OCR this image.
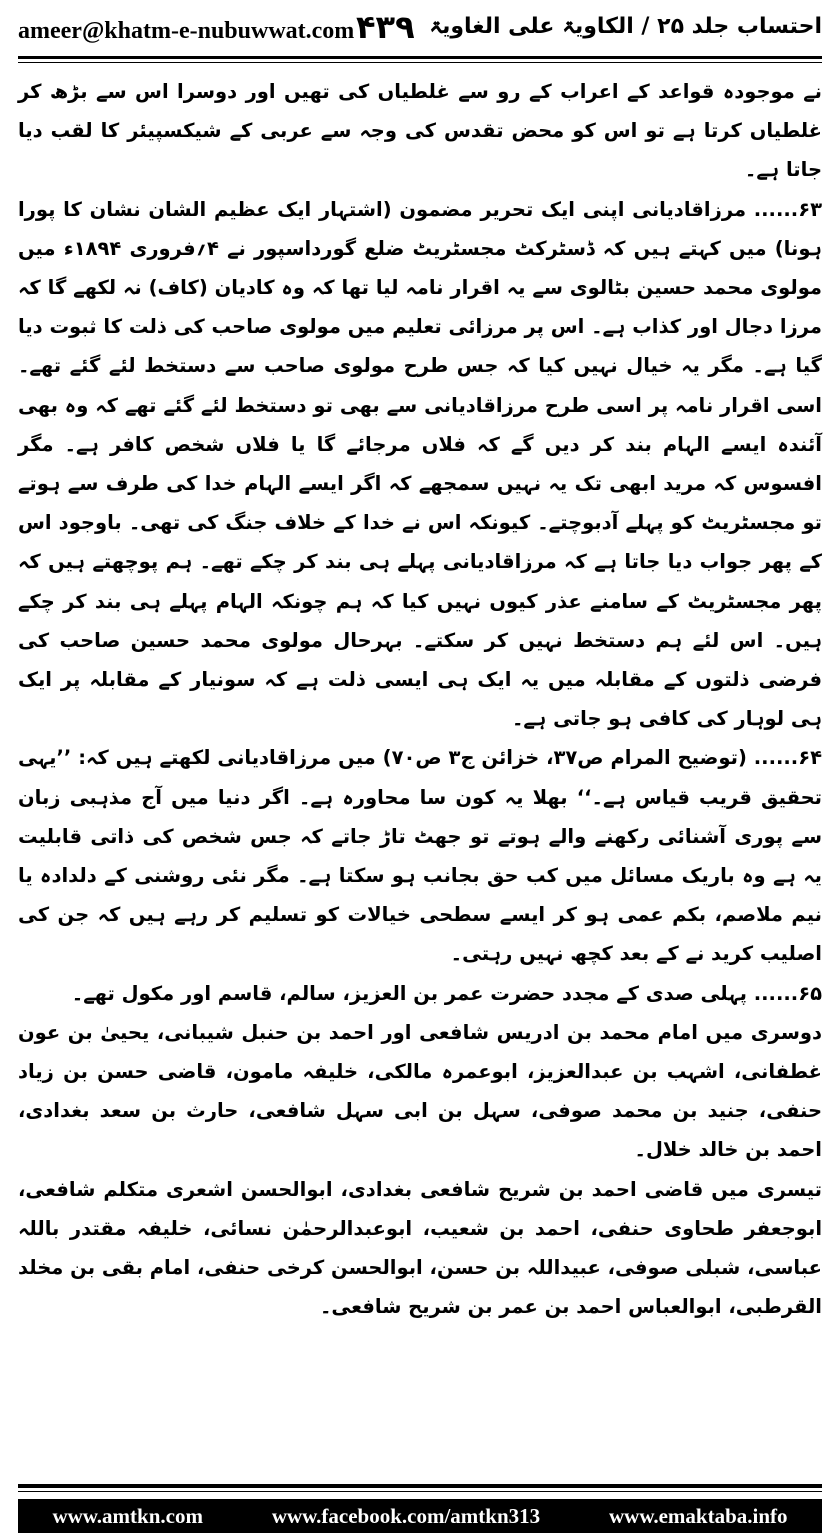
ameer@khatm-e-nubuwwat.com ۴۳۹ احتساب جلد ۲۵ / الکاویۃ علی الغاویۃ

نے موجودہ قواعد کے اعراب کے رو سے غلطیاں کی تھیں اور دوسرا اس سے بڑھ کر غلطیاں کرتا ہے تو اس کو محض تقدس کی وجہ سے عربی کے شیکسپیئر کا لقب دیا جاتا ہے۔

۶۳...... مرزاقادیانی اپنی ایک تحریر مضمون (اشتہار ایک عظیم الشان نشان کا پورا ہونا) میں کہتے ہیں کہ ڈسٹرکٹ مجسٹریٹ ضلع گورداسپور نے ۴؍فروری ۱۸۹۴ء میں مولوی محمد حسین بٹالوی سے یہ اقرار نامہ لیا تھا کہ وہ کادیان (کاف) نہ لکھے گا کہ مرزا دجال اور کذاب ہے۔ اس پر مرزائی تعلیم میں مولوی صاحب کی ذلت کا ثبوت دیا گیا ہے۔ مگر یہ خیال نہیں کیا کہ جس طرح مولوی صاحب سے دستخط لئے گئے تھے۔ اسی اقرار نامہ پر اسی طرح مرزاقادیانی سے بھی تو دستخط لئے گئے تھے کہ وہ بھی آئندہ ایسے الہام بند کر دیں گے کہ فلاں مرجائے گا یا فلاں شخص کافر ہے۔ مگر افسوس کہ مرید ابھی تک یہ نہیں سمجھے کہ اگر ایسے الہام خدا کی طرف سے ہوتے تو مجسٹریٹ کو پہلے آدبوچتے۔ کیونکہ اس نے خدا کے خلاف جنگ کی تھی۔ باوجود اس کے پھر جواب دیا جاتا ہے کہ مرزاقادیانی پہلے ہی بند کر چکے تھے۔ ہم پوچھتے ہیں کہ پھر مجسٹریٹ کے سامنے عذر کیوں نہیں کیا کہ ہم چونکہ الہام پہلے ہی بند کر چکے ہیں۔ اس لئے ہم دستخط نہیں کر سکتے۔ بہرحال مولوی محمد حسین صاحب کی فرضی ذلتوں کے مقابلہ میں یہ ایک ہی ایسی ذلت ہے کہ سونیار کے مقابلہ پر ایک ہی لوہار کی کافی ہو جاتی ہے۔

۶۴...... (توضیح المرام ص۳۷، خزائن ج۳ ص۷۰) میں مرزاقادیانی لکھتے ہیں کہ: ’’یہی تحقیق قریب قیاس ہے۔‘‘ بھلا یہ کون سا محاورہ ہے۔ اگر دنیا میں آج مذہبی زبان سے پوری آشنائی رکھنے والے ہوتے تو جھٹ تاڑ جاتے کہ جس شخص کی ذاتی قابلیت یہ ہے وہ باریک مسائل میں کب حق بجانب ہو سکتا ہے۔ مگر نئی روشنی کے دلدادہ یا نیم ملاصم، بکم عمی ہو کر ایسے سطحی خیالات کو تسلیم کر رہے ہیں کہ جن کی اصلیب کرید نے کے بعد کچھ نہیں رہتی۔

۶۵...... پہلی صدی کے مجدد حضرت عمر بن العزیز، سالم، قاسم اور مکول تھے۔

دوسری میں امام محمد بن ادریس شافعی اور احمد بن حنبل شیبانی، یحییٰ بن عون غطفانی، اشہب بن عبدالعزیز، ابوعمرہ مالکی، خلیفہ مامون، قاضی حسن بن زیاد حنفی، جنید بن محمد صوفی، سہل بن ابی سہل شافعی، حارث بن سعد بغدادی، احمد بن خالد خلال۔

تیسری میں قاضی احمد بن شریح شافعی بغدادی، ابوالحسن اشعری متکلم شافعی، ابوجعفر طحاوی حنفی، احمد بن شعیب، ابوعبدالرحمٰن نسائی، خلیفہ مقتدر باللہ عباسی، شبلی صوفی، عبیداللہ بن حسن، ابوالحسن کرخی حنفی، امام بقی بن مخلد القرطبی، ابوالعباس احمد بن عمر بن شریح شافعی۔

www.amtkn.com	www.facebook.com/amtkn313	www.emaktaba.info
